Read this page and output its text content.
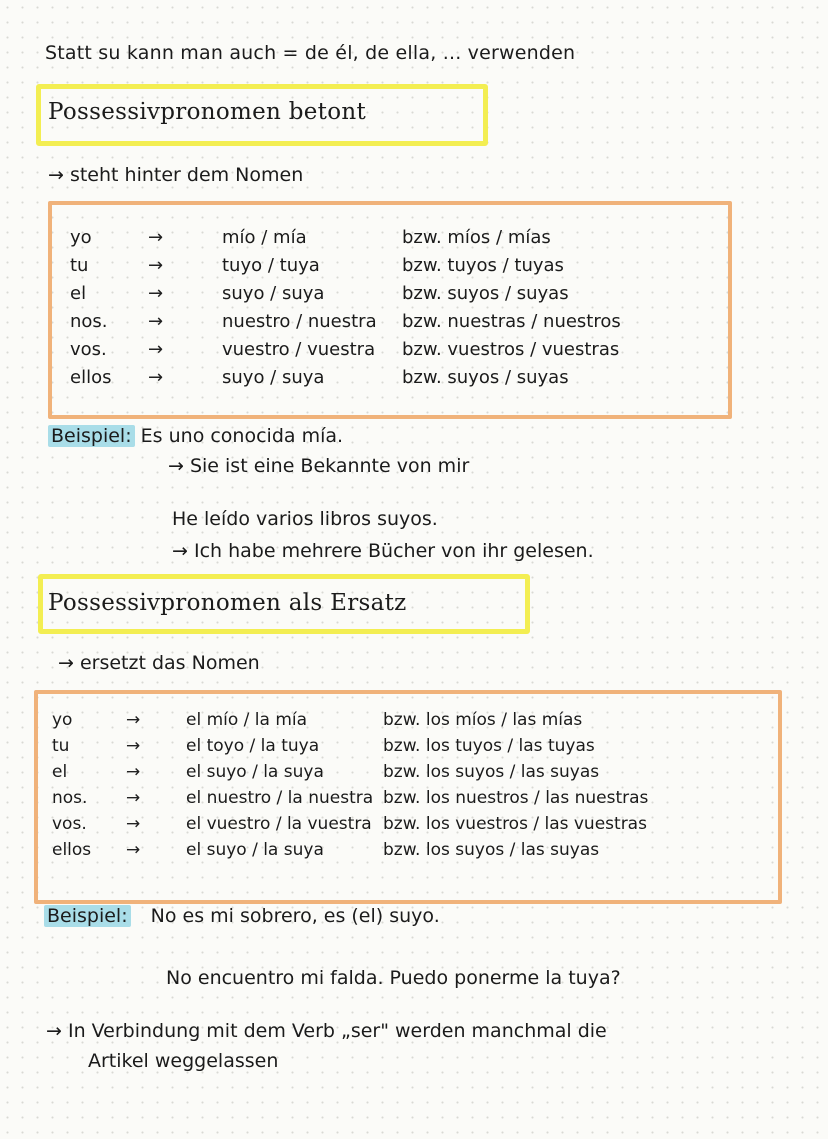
Statt su kann man auch = de él, de ella, ... verwenden
Possessivpronomen betont
→ steht hinter dem Nomen
yo	→	mío / mía	bzw. míos / mías
tu	→	tuyo / tuya	bzw. tuyos / tuyas
el	→	suyo / suya	bzw. suyos / suyas
nos. →	nuestro / nuestra bzw. nuestras / nuestros
vos. →	vuestro / vuestra bzw. vuestros / vuestras
ellos →	suyo / suya	bzw. suyos / suyas
Beispiel: Es uno conocida mía.
→ Sie ist eine Bekannte von mir
He leído varios libros suyos.
→ Ich habe mehrere Bücher von ihr gelesen.
Possessivpronomen als Ersatz
→ ersetzt das Nomen
yo	→	el mío / la mía	bzw. los míos / las mías
tu	→	el toyo / la tuya	bzw. los tuyos / las tuyas
el	→	el suyo / la suya	bzw. los suyos / las suyas
nos. →	el nuestro / la nuestra bzw. los nuestros / las nuestras
vos. →	el vuestro / la vuestra bzw. los vuestros / las vuestras
ellos →	el suyo / la suya	bzw. los suyos / las suyas
Beispiel: No es mi sobrero, es (el) suyo.
No encuentro mi falda. Puedo ponerme la tuya?
→ In Verbindung mit dem Verb „ser" werden manchmal die
Artikel weggelassen
